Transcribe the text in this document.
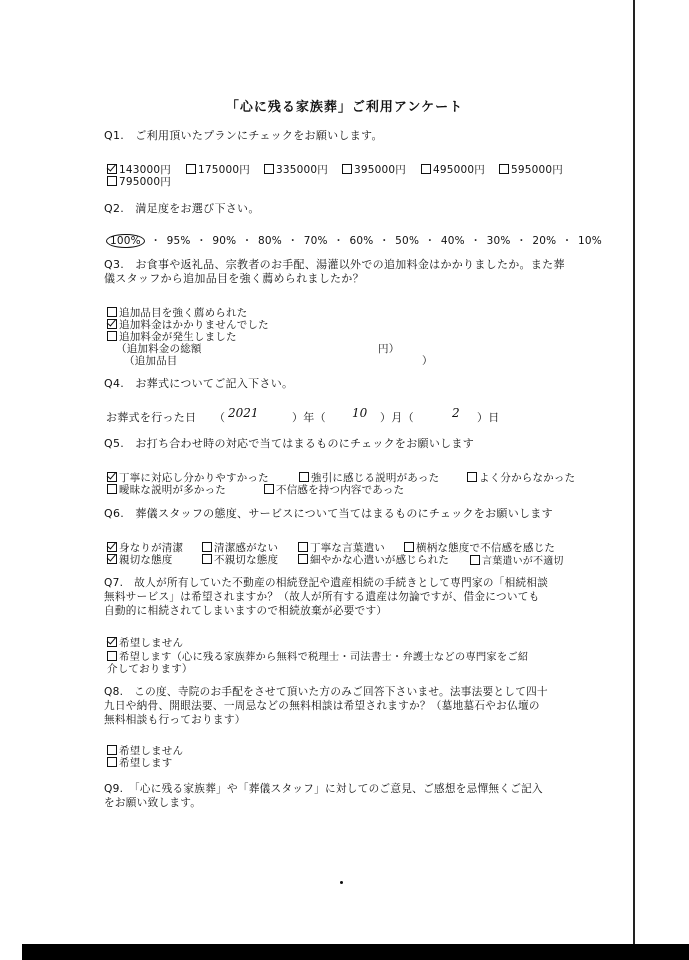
「心に残る家族葬」ご利用アンケート
Q1.　ご利用頂いたプランにチェックをお願いします。
143000円	175000円	335000円	395000円	495000円	595000円
795000円
Q2.　満足度をお選び下さい。
100% ・ 95% ・ 90% ・ 80% ・ 70% ・ 60% ・ 50% ・ 40% ・ 30% ・ 20% ・ 10%
Q3.　お食事や返礼品、宗教者のお手配、湯灌以外での追加料金はかかりましたか。また葬
儀スタッフから追加品目を強く薦められましたか？
追加品目を強く薦められた
追加料金はかかりませんでした
追加料金が発生しました
（追加料金の総額	円）
（追加品目	）
Q4.　お葬式についてご記入下さい。
お葬式を行った日 （ 2021	）年（ 10 ）月（	2 ）日
Q5.　お打ち合わせ時の対応で当てはまるものにチェックをお願いします
丁寧に対応し分かりやすかった	強引に感じる説明があった	よく分からなかった
曖昧な説明が多かった	不信感を持つ内容であった
Q6.　葬儀スタッフの態度、サービスについて当てはまるものにチェックをお願いします
身なりが清潔	清潔感がない	丁寧な言葉遣い	横柄な態度で不信感を感じた
親切な態度	不親切な態度	細やかな心遣いが感じられた	言葉遣いが不適切
Q7.　故人が所有していた不動産の相続登記や遺産相続の手続きとして専門家の「相続相談
無料サービス」は希望されますか？（故人が所有する遺産は勿論ですが、借金についても
自動的に相続されてしまいますので相続放棄が必要です）
希望しません
希望します（心に残る家族葬から無料で税理士・司法書士・弁護士などの専門家をご紹
介しております）
Q8.　この度、寺院のお手配をさせて頂いた方のみご回答下さいませ。法事法要として四十
九日や納骨、開眼法要、一周忌などの無料相談は希望されますか？（墓地墓石やお仏壇の
無料相談も行っております）
希望しません
希望します
Q9.　「心に残る家族葬」や「葬儀スタッフ」に対してのご意見、ご感想を忌憚無くご記入
をお願い致します。
